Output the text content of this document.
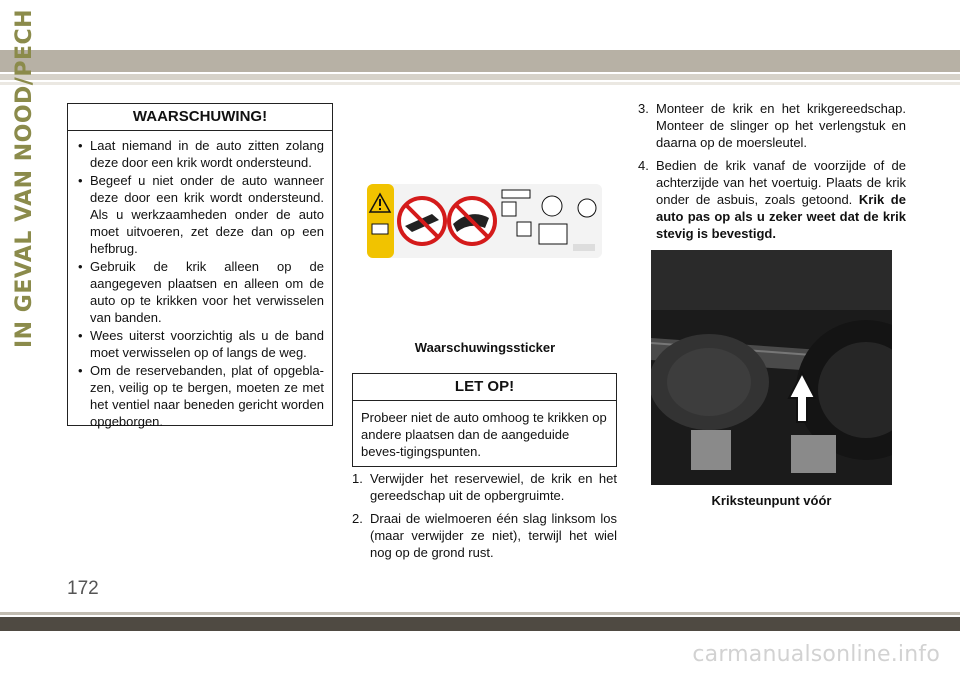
IN GEVAL VAN NOOD/PECH	WAARSCHUWING!
• Laat niemand in de auto zitten zolang deze door een krik wordt ondersteund.
• Begeef u niet onder de auto wanneer deze door een krik wordt ondersteund. Als u werkzaamheden onder de auto moet uitvoeren, zet deze dan op een hefbrug.
• Gebruik de krik alleen op de aangegeven plaatsen en alleen om de auto op te krikken voor het verwisselen van banden.
• Wees uiterst voorzichtig als u de band moet verwisselen op of langs de weg.
• Om de reservebanden, plat of opgebla-zen, veilig op te bergen, moeten ze met het ventiel naar beneden gericht worden opgeborgen.
Waarschuwingssticker
LET OP!
Probeer niet de auto omhoog te krikken op andere plaatsen dan de aangeduide beves-tigingspunten.
1. Verwijder het reservewiel, de krik en het gereedschap uit de opbergruimte.
2. Draai de wielmoeren één slag linksom los (maar verwijder ze niet), terwijl het wiel nog op de grond rust.
3. Monteer de krik en het krikgereedschap. Monteer de slinger op het verlengstuk en daarna op de moersleutel.
4. Bedien de krik vanaf de voorzijde of de achterzijde van het voertuig. Plaats de krik onder de asbuis, zoals getoond. Krik de auto pas op als u zeker weet dat de krik stevig is bevestigd.
Kriksteunpunt vóór
172
carmanualsonline.info
